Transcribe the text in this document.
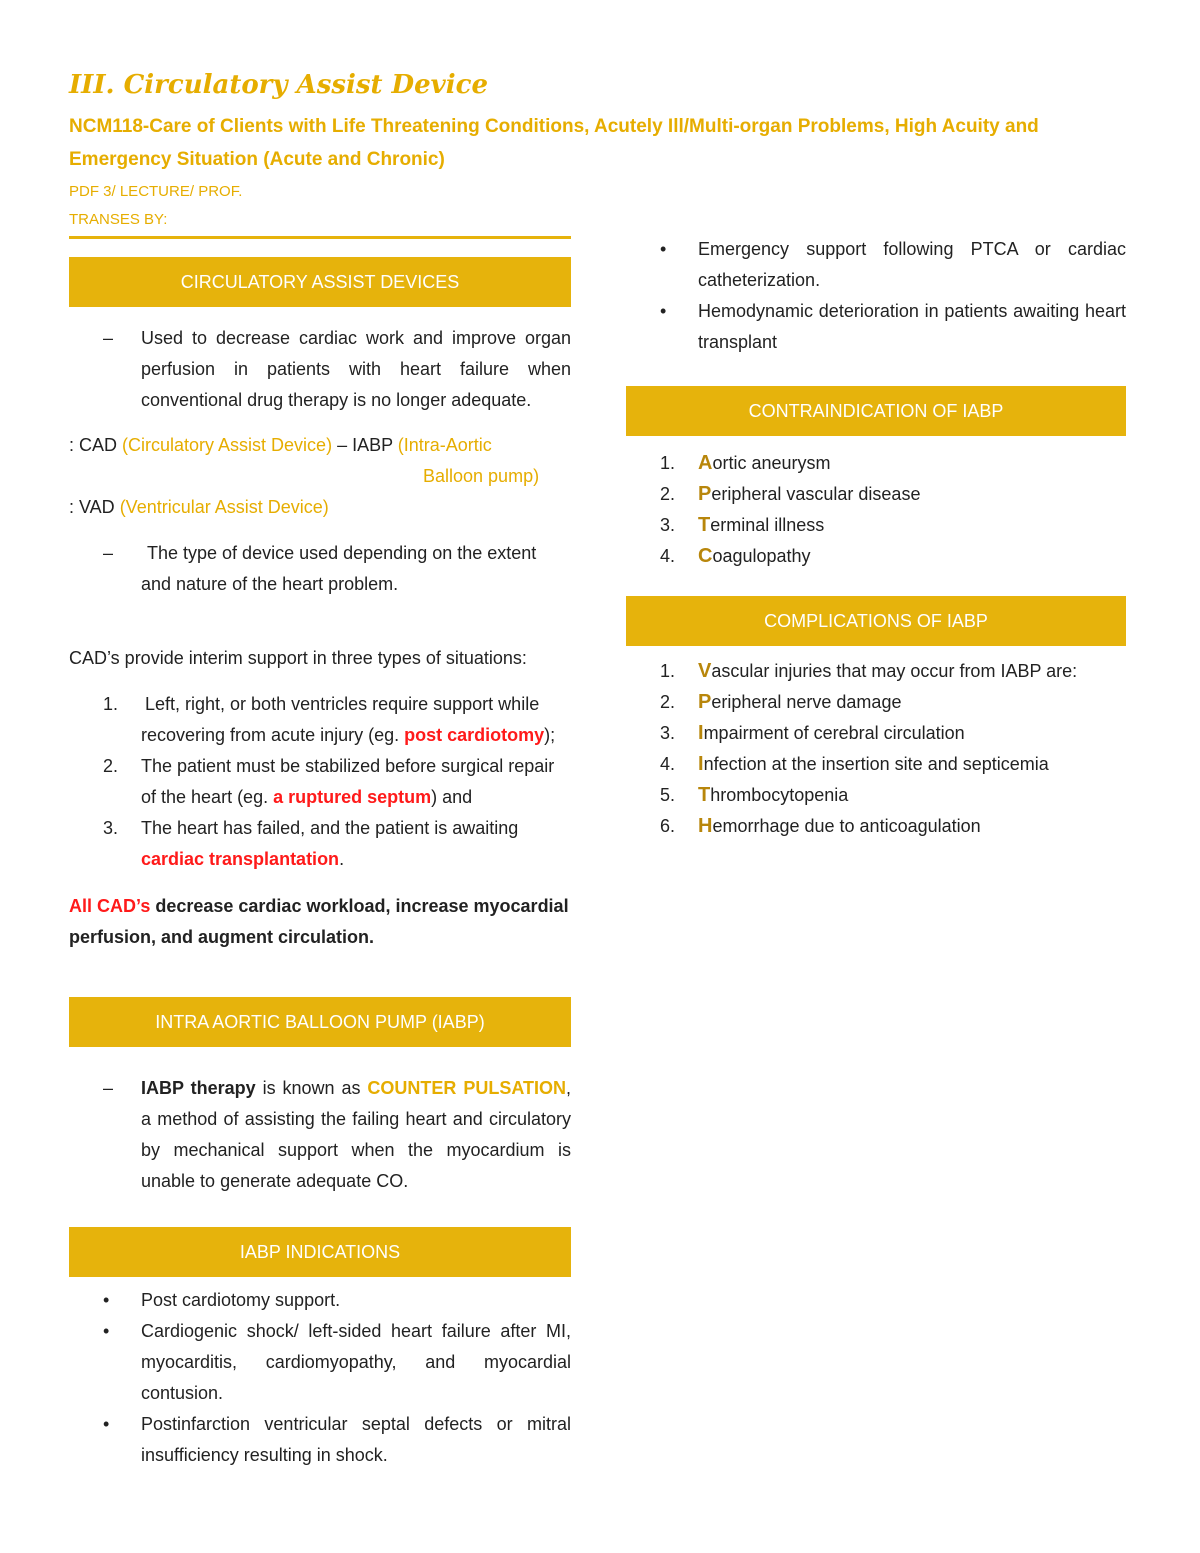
III. Circulatory Assist Device

NCM118-Care of Clients with Life Threatening Conditions, Acutely Ill/Multi-organ Problems, High Acuity and

Emergency Situation (Acute and Chronic)

PDF 3/ LECTURE/ PROF.

TRANSES BY:

CIRCULATORY ASSIST DEVICES
– Used to decrease cardiac work and improve organ perfusion in patients with heart failure when conventional drug therapy is no longer adequate.

: CAD (Circulatory Assist Device) – IABP (Intra-Aortic

Balloon pump)

: VAD (Ventricular Assist Device)

– The type of device used depending on the extent and nature of the heart problem.

CAD’s provide interim support in three types of situations:

1. Left, right, or both ventricles require support while recovering from acute injury (eg. post cardiotomy);
2. The patient must be stabilized before surgical repair of the heart (eg. a ruptured septum) and
3. The heart has failed, and the patient is awaiting cardiac transplantation.

All CAD’s decrease cardiac workload, increase myocardial perfusion, and augment circulation.

INTRA AORTIC BALLOON PUMP (IABP)
– IABP therapy is known as COUNTER PULSATION, a method of assisting the failing heart and circulatory by mechanical support when the myocardium is unable to generate adequate CO.
IABP INDICATIONS
• Post cardiotomy support.
• Cardiogenic shock/ left-sided heart failure after MI, myocarditis, cardiomyopathy, and myocardial contusion.
• Postinfarction ventricular septal defects or mitral insufficiency resulting in shock.
• Emergency support following PTCA or cardiac catheterization.
• Hemodynamic deterioration in patients awaiting heart transplant
CONTRAINDICATION OF IABP
1. Aortic aneurysm
2. Peripheral vascular disease
3. Terminal illness
4. Coagulopathy
COMPLICATIONS OF IABP
1. Vascular injuries that may occur from IABP are:
2. Peripheral nerve damage
3. Impairment of cerebral circulation
4. Infection at the insertion site and septicemia
5. Thrombocytopenia
6. Hemorrhage due to anticoagulation
